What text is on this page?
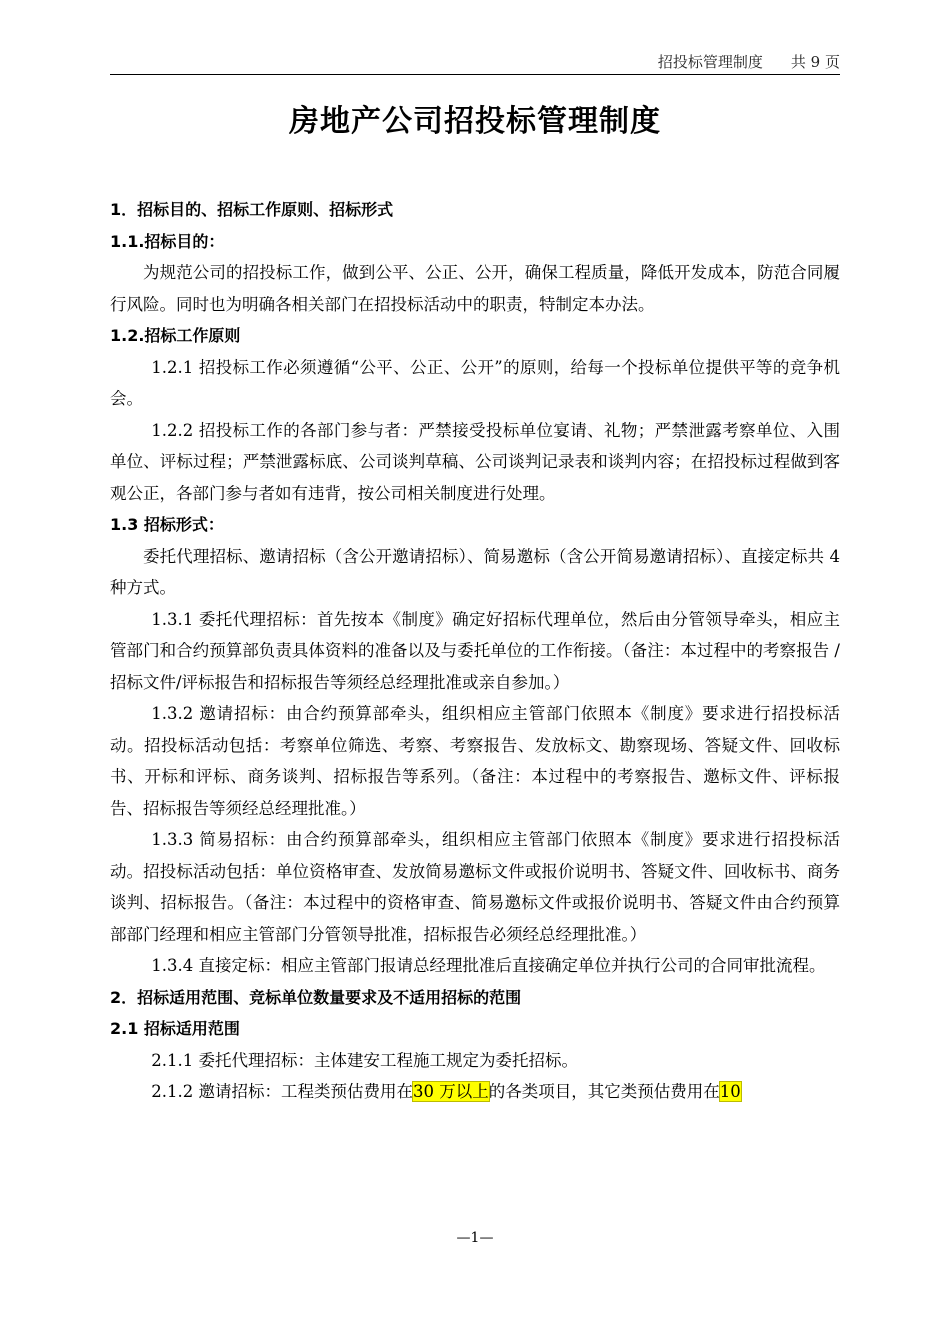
招投标管理制度 共 9 页
房地产公司招投标管理制度

1．招标目的、招标工作原则、招标形式

1.1.招标目的：

为规范公司的招投标工作，做到公平、公正、公开，确保工程质量，降低开发成本，防范合同履行风险。同时也为明确各相关部门在招投标活动中的职责，特制定本办法。

1.2.招标工作原则

1.2.1 招投标工作必须遵循“公平、公正、公开”的原则，给每一个投标单位提供平等的竞争机会。

1.2.2 招投标工作的各部门参与者：严禁接受投标单位宴请、礼物；严禁泄露考察单位、入围单位、评标过程；严禁泄露标底、公司谈判草稿、公司谈判记录表和谈判内容；在招投标过程做到客观公正，各部门参与者如有违背，按公司相关制度进行处理。

1.3 招标形式：

委托代理招标、邀请招标（含公开邀请招标）、简易邀标（含公开简易邀请招标）、直接定标共 4 种方式。

1.3.1 委托代理招标：首先按本《制度》确定好招标代理单位，然后由分管领导牵头，相应主管部门和合约预算部负责具体资料的准备以及与委托单位的工作衔接。（备注：本过程中的考察报告 /招标文件/评标报告和招标报告等须经总经理批准或亲自参加。）

1.3.2 邀请招标：由合约预算部牵头，组织相应主管部门依照本《制度》要求进行招投标活动。招投标活动包括：考察单位筛选、考察、考察报告、发放标文、勘察现场、答疑文件、回收标书、开标和评标、商务谈判、招标报告等系列。（备注：本过程中的考察报告、邀标文件、评标报告、招标报告等须经总经理批准。）

1.3.3 简易招标：由合约预算部牵头，组织相应主管部门依照本《制度》要求进行招投标活动。招投标活动包括：单位资格审查、发放简易邀标文件或报价说明书、答疑文件、回收标书、商务谈判、招标报告。（备注：本过程中的资格审查、简易邀标文件或报价说明书、答疑文件由合约预算部部门经理和相应主管部门分管领导批准，招标报告必须经总经理批准。）

1.3.4 直接定标：相应主管部门报请总经理批准后直接确定单位并执行公司的合同审批流程。

2．招标适用范围、竞标单位数量要求及不适用招标的范围

2.1 招标适用范围

2.1.1 委托代理招标：主体建安工程施工规定为委托招标。

2.1.2 邀请招标：工程类预估费用在30 万以上的各类项目，其它类预估费用在10

—1—
